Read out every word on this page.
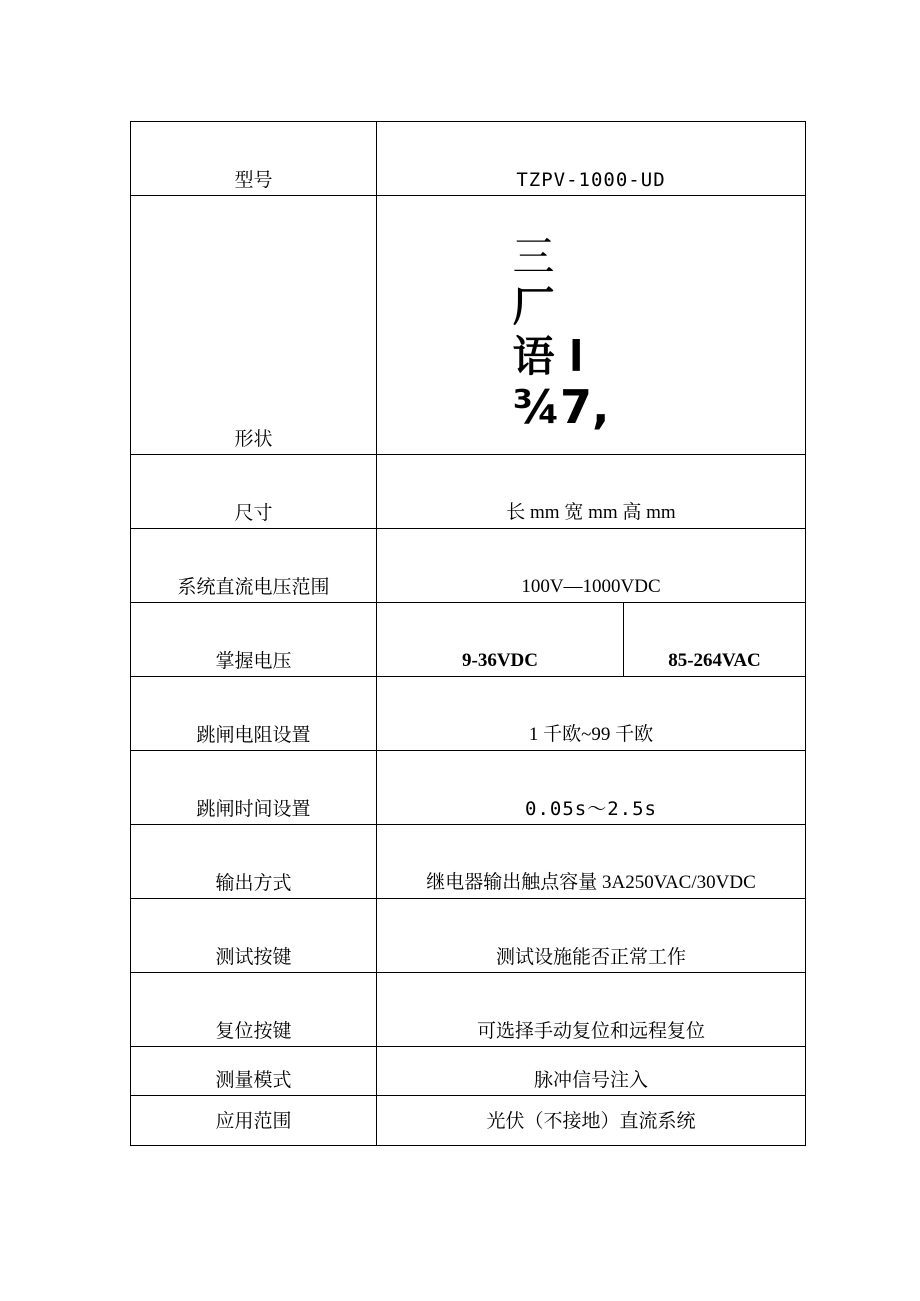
型号	TZPV-1000-UD	
形状	三
厂
语 l
¾7,	

尺寸	长 mm 宽 mm 高 mm	
系统直流电压范围	100V—1000VDC	
掌握电压	9-36VDC	85-264VAC
跳闸电阻设置	1 千欧~99 千欧	
跳闸时间设置	0.05s～2.5s	
输出方式	继电器输出触点容量 3A250VAC/30VDC	
测试按键	测试设施能否正常工作	
复位按键	可选择手动复位和远程复位	
测量模式	脉冲信号注入	
应用范围	光伏（不接地）直流系统	
